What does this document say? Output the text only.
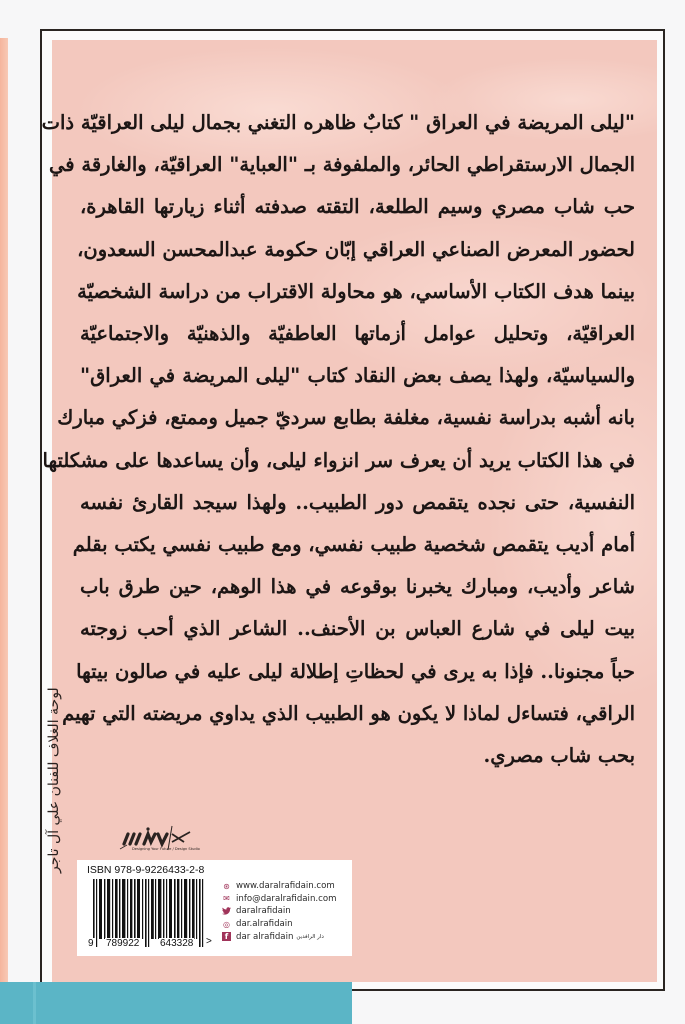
"ليلى المريضة في العراق " كتابٌ ظاهره التغني بجمال ليلى العراقيّة ذات
الجمال الارستقراطي الحائر، والملفوفة بـ "العباية" العراقيّة، والغارقة في
حب شاب مصري وسيم الطلعة، التقته صدفته أثناء زيارتها القاهرة،
لحضور المعرض الصناعي العراقي إبّان حكومة عبدالمحسن السعدون،
بينما هدف الكتاب الأساسي، هو محاولة الاقتراب من دراسة الشخصيّة
العراقيّة، وتحليل عوامل أزماتها العاطفيّة والذهنيّة والاجتماعيّة
والسياسيّة، ولهذا يصف بعض النقاد كتاب "ليلى المريضة في العراق"
بانه أشبه بدراسة نفسية، مغلفة بطابع سرديّ جميل وممتع، فزكي مبارك
في هذا الكتاب يريد أن يعرف سر انزواء ليلى، وأن يساعدها على مشكلتها
النفسية، حتى نجده يتقمص دور الطبيب.. ولهذا سيجد القارئ نفسه
أمام أديب يتقمص شخصية طبيب نفسي، ومع طبيب نفسي يكتب بقلم
شاعر وأديب، ومبارك يخبرنا بوقوعه في هذا الوهم، حين طرق باب
بيت ليلى في شارع العباس بن الأحنف.. الشاعر الذي أحب زوجته
حباً مجنونا.. فإذا به يرى في لحظاتِ إطلالة ليلى عليه في صالون بيتها
الراقي، فتساءل لماذا لا يكون هو الطبيب الذي يداوي مريضته التي تهيم
بحب شاب مصري.
لوحة الغلاف للفنان علي آل تاجر	Designing Your Future / Design Studio
ISBN 978-9-9226433-2-8
9 789922 643328 >
⊛ www.daralrafidain.com
✉ info@daralrafidain.com
daralrafidain
◎ dar.alrafidain
f dar alrafidain دار الرافدين
